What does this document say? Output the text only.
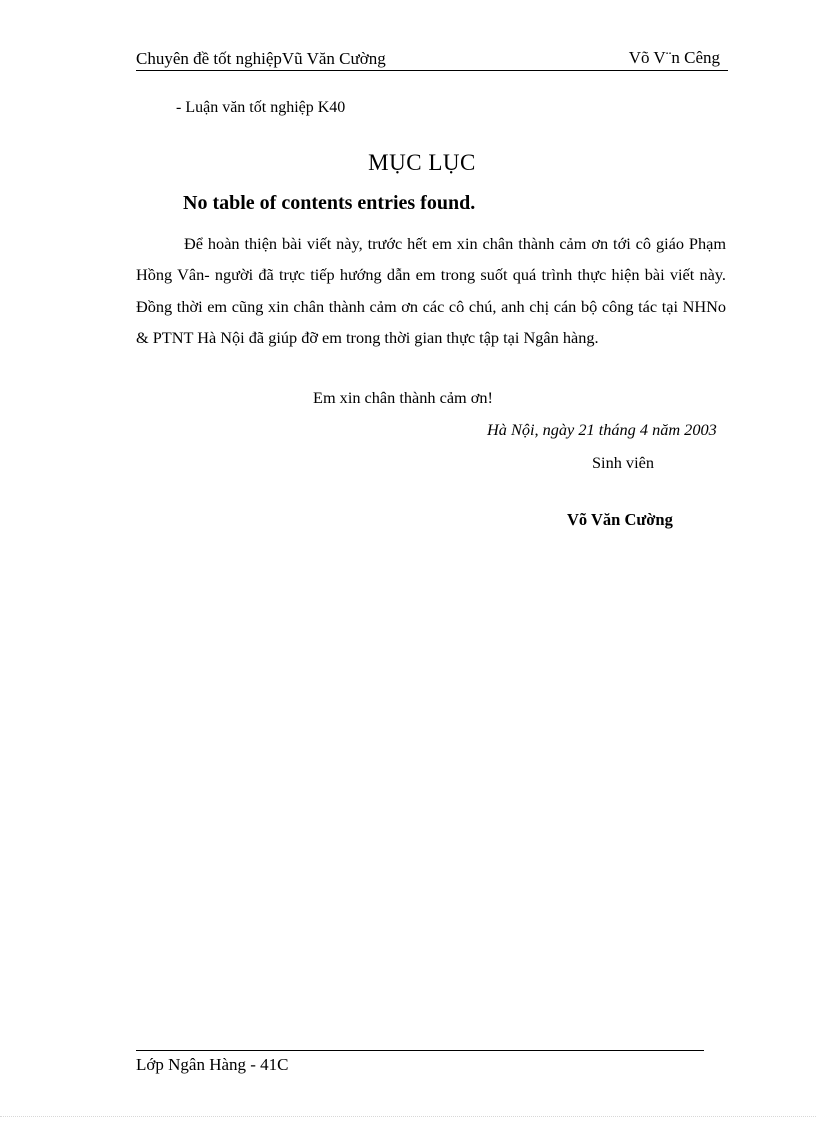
Chuyên đề tốt nghiệpVũ Văn Cường	Võ V¨n Cêng
- Luận văn tốt nghiệp K40
MỤC LỤC
No table of contents entries found.

Để hoàn thiện bài viết này, trước hết em xin chân thành cảm ơn tới cô giáo Phạm Hồng Vân- người đã trực tiếp hướng dẫn em trong suốt quá trình thực hiện bài viết này. Đồng thời em cũng xin chân thành cảm ơn các cô chú, anh chị cán bộ công tác tại NHNo & PTNT Hà Nội đã giúp đỡ em trong thời gian thực tập tại Ngân hàng.

Em xin chân thành cảm ơn!
Hà Nội, ngày 21 tháng 4 năm 2003
Sinh viên
Võ Văn Cường
Lớp Ngân Hàng - 41C
